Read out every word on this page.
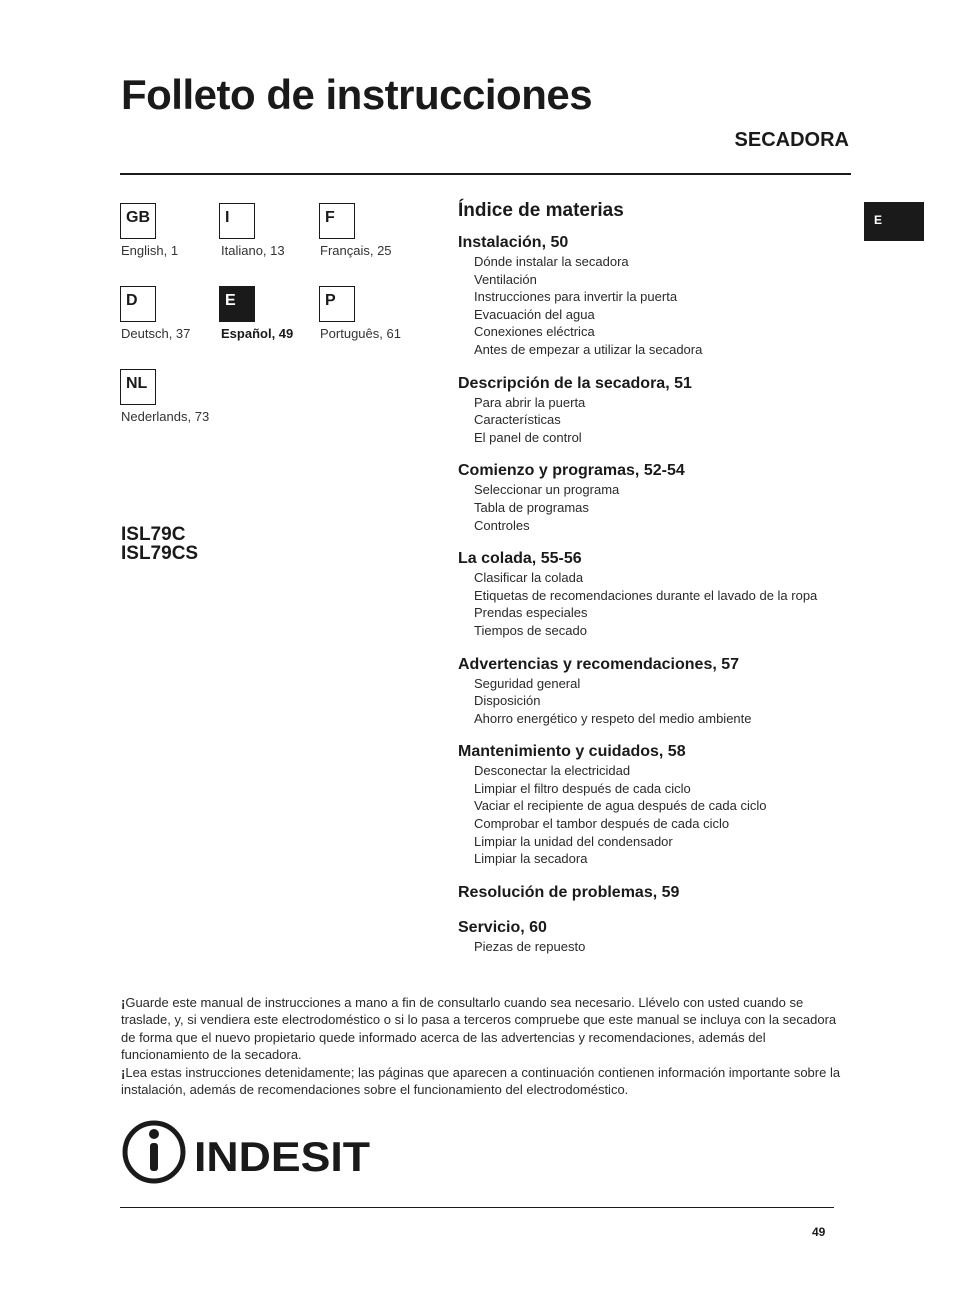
Folleto de instrucciones
SECADORA
E
GB
English, 1
I
Italiano, 13
F
Français, 25
D
Deutsch, 37
E
Español, 49
P
Português, 61
NL
Nederlands, 73
ISL79C
ISL79CS
Índice de materias
Instalación, 50
Dónde instalar la secadora
Ventilación
Instrucciones para invertir la puerta
Evacuación del agua
Conexiones eléctrica
Antes de empezar a utilizar la secadora
Descripción de la secadora, 51
Para abrir la puerta
Características
El panel de control
Comienzo y programas, 52-54
Seleccionar un programa
Tabla de programas
Controles
La colada, 55-56
Clasificar la colada
Etiquetas de recomendaciones durante el lavado de la ropa
Prendas especiales
Tiempos de secado
Advertencias y recomendaciones, 57
Seguridad general
Disposición
Ahorro energético y respeto del medio ambiente
Mantenimiento y cuidados, 58
Desconectar la electricidad
Limpiar el filtro después de cada ciclo
Vaciar el recipiente de agua después de cada ciclo
Comprobar el tambor después de cada ciclo
Limpiar la unidad del condensador
Limpiar la secadora
Resolución de problemas, 59
Servicio, 60
Piezas de repuesto

¡Guarde este manual de instrucciones a mano a fin de consultarlo cuando sea necesario. Llévelo con usted cuando se traslade, y, si vendiera este electrodoméstico o si lo pasa a terceros compruebe que este manual se incluya con la secadora de forma que el nuevo propietario quede informado acerca de las advertencias y recomendaciones, además del funcionamiento de la secadora.

¡Lea estas instrucciones detenidamente; las páginas que aparecen a continuación contienen información importante sobre la instalación, además de recomendaciones sobre el funcionamiento del electrodoméstico.

INDESIT
49
